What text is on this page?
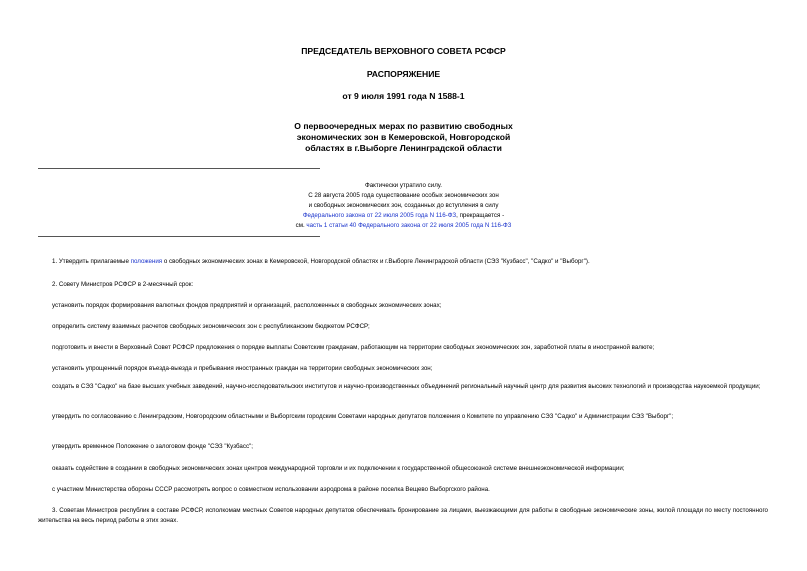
ПРЕДСЕДАТЕЛЬ ВЕРХОВНОГО СОВЕТА РСФСР
РАСПОРЯЖЕНИЕ
от 9 июля 1991 года N 1588-1
О первоочередных мерах по развитию свободных
экономических зон в Кемеровской, Новгородской
областях в г.Выборге Ленинградской области
Фактически утратило силу.
С 28 августа 2005 года существование особых экономических зон
и свободных экономических зон, созданных до вступления в силу
Федерального закона от 22 июля 2005 года N 116-ФЗ, прекращается -
см. часть 1 статьи 40 Федерального закона от 22 июля 2005 года N 116-ФЗ

1. Утвердить прилагаемые положения о свободных экономических зонах в Кемеровской, Новгородской областях и г.Выборге Ленинградской области (СЭЗ "Кузбасс", "Садко" и "Выборг").

2. Совету Министров РСФСР в 2-месячный срок:

установить порядок формирования валютных фондов предприятий и организаций, расположенных в свободных экономических зонах;

определить систему взаимных расчетов свободных экономических зон с республиканским бюджетом РСФСР;

подготовить и внести в Верховный Совет РСФСР предложения о порядке выплаты Советским гражданам, работающим на территории свободных экономических зон, заработной платы в иностранной валюте;

установить упрощенный порядок въезда-выезда и пребывания иностранных граждан на территории свободных экономических зон;

создать в СЭЗ "Садко" на базе высших учебных заведений, научно-исследовательских институтов и научно-производственных объединений региональный научный центр для развития высоких технологий и производства наукоемкой продукции;

утвердить по согласованию с Ленинградским, Новгородским областными и Выборгским городским Советами народных депутатов положения о Комитете по управлению СЭЗ "Садко" и Администрации СЭЗ "Выборг";

утвердить временное Положение о залоговом фонде "СЭЗ "Кузбасс";

оказать содействие в создании в свободных экономических зонах центров международной торговли и их подключении к государственной общесоюзной системе внешнеэкономической информации;

с участием Министерства обороны СССР рассмотреть вопрос о совместном использовании аэродрома в районе поселка Вещево Выборгского района.

3. Советам Министров республик в составе РСФСР, исполкомам местных Советов народных депутатов обеспечивать бронирование за лицами, выезжающими для работы в свободные экономические зоны, жилой площади по месту постоянного жительства на весь период работы в этих зонах.
